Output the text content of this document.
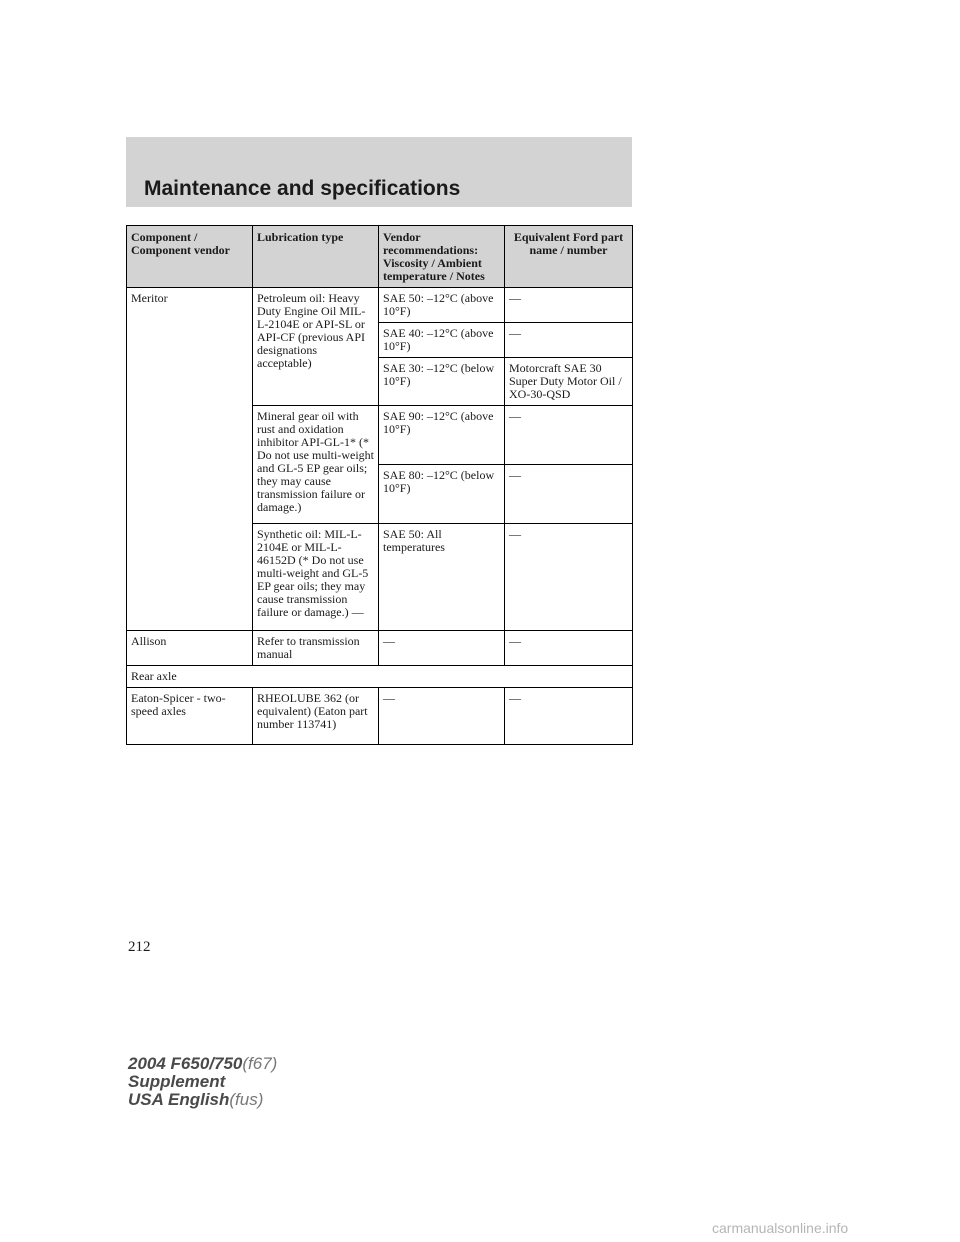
Maintenance and specifications
Component / Component vendor	Lubrication type	Vendor recommendations: Viscosity / Ambient temperature / Notes	Equivalent Ford part name / number
Meritor	Petroleum oil: Heavy Duty Engine Oil MIL-L-2104E or API-SL or API-CF (previous API designations acceptable)	SAE 50: –12°C (above 10°F)	—
		SAE 40: –12°C (above 10°F)	—
		SAE 30: –12°C (below 10°F)	Motorcraft SAE 30 Super Duty Motor Oil / XO-30-QSD
	Mineral gear oil with rust and oxidation inhibitor API-GL-1* (* Do not use multi-weight and GL-5 EP gear oils; they may cause transmission failure or damage.)	SAE 90: –12°C (above 10°F)	—
		SAE 80: –12°C (below 10°F)	—
	Synthetic oil: MIL-L-2104E or MIL-L-46152D (* Do not use multi-weight and GL-5 EP gear oils; they may cause transmission failure or damage.) —	SAE 50: All temperatures	—
Allison	Refer to transmission manual	—	—
Rear axle			
Eaton-Spicer - two-speed axles	RHEOLUBE 362 (or equivalent) (Eaton part number 113741)	—	—
212
2004 F650/750(f67)
Supplement
USA English(fus)
carmanualsonline.info
